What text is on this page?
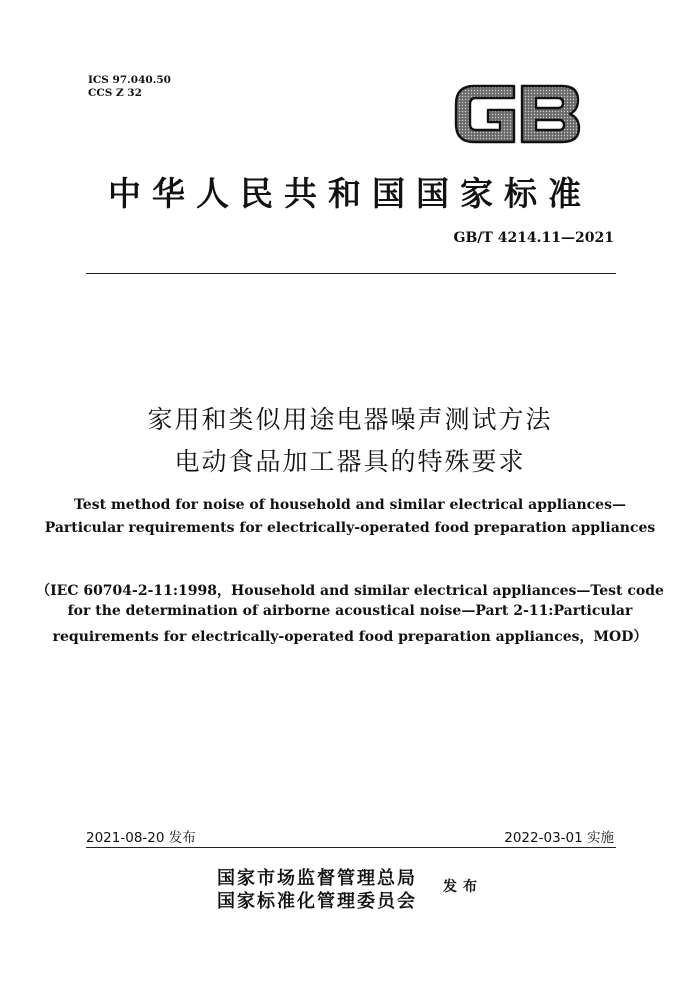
ICS 97.040.50
CCS Z 32
中华人民共和国国家标准
GB/T 4214.11—2021
家用和类似用途电器噪声测试方法
电动食品加工器具的特殊要求
Test method for noise of household and similar electrical appliances—
Particular requirements for electrically-operated food preparation appliances
（IEC 60704-2-11:1998，Household and similar electrical appliances—Test code
for the determination of airborne acoustical noise—Part 2-11:Particular
requirements for electrically-operated food preparation appliances，MOD）
2021-08-20 发布	2022-03-01 实施
国家市场监督管理总局
国家标准化管理委员会
发布
